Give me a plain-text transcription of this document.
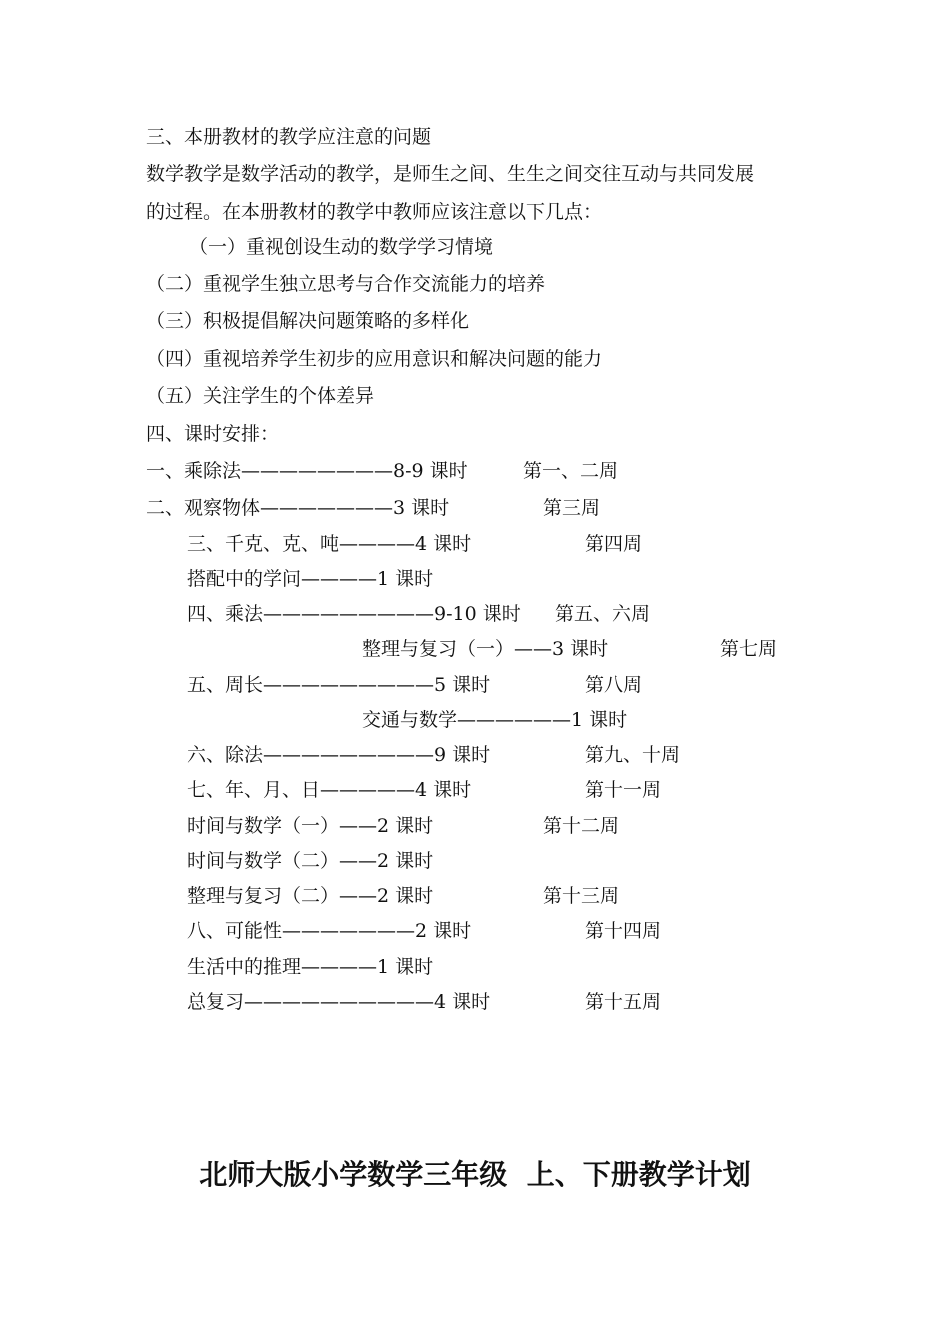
三、本册教材的教学应注意的问题
数学教学是数学活动的教学，是师生之间、生生之间交往互动与共同发展
的过程。在本册教材的教学中教师应该注意以下几点：
（一）重视创设生动的数学学习情境
（二）重视学生独立思考与合作交流能力的培养
（三）积极提倡解决问题策略的多样化
（四）重视培养学生初步的应用意识和解决问题的能力
（五）关注学生的个体差异
四、课时安排：
一、乘除法————————8-9 课时	第一、二周
二、观察物体———————3 课时	第三周
三、千克、克、吨————4 课时	第四周
搭配中的学问————1 课时
四、乘法—————————9-10 课时 第五、六周
整理与复习（一）——3 课时	第七周
五、周长—————————5 课时	第八周
交通与数学——————1 课时
六、除法—————————9 课时	第九、十周
七、年、月、日—————4 课时	第十一周
时间与数学（一）——2 课时	第十二周
时间与数学（二）——2 课时
整理与复习（二）——2 课时	第十三周
八、可能性———————2 课时	第十四周
生活中的推理————1 课时
总复习——————————4 课时	第十五周
北师大版小学数学三年级  上、下册教学计划
